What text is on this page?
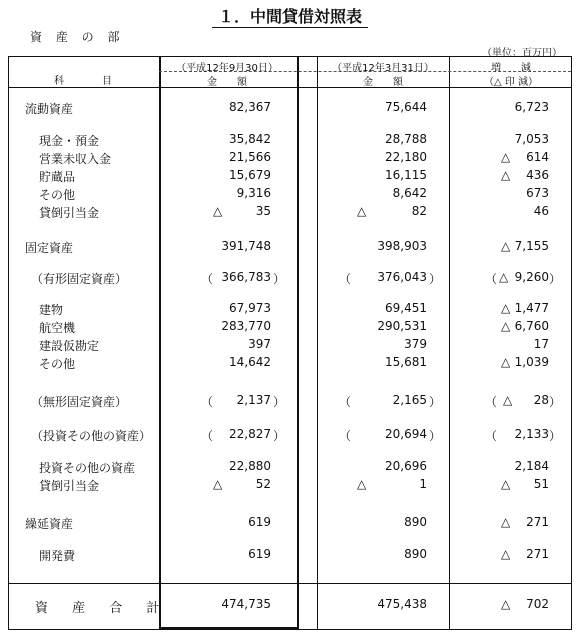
１．中間貸借対照表
資 産 の 部
（単位：百万円）
科　　　目
（平成12年9月30日）
金　　額
（平成12年3月31日）
金　　額
増　　減
（△ 印 減）
流動資産	82,367	75,644	6,723
現金・預金	35,842	28,788	7,053
営業未収入金	21,566	22,180	△	614
貯蔵品	15,679	16,115	△	436
その他	9,316	8,642	673
貸倒引当金	△	35	△	82	46
固定資産	391,748	398,903	△ 7,155
（有形固定資産）	（ 366,783 ）	（	376,043 ）	（ △ 9,260 ）
建物	67,973	69,451	△ 1,477
航空機	283,770	290,531	△ 6,760
建設仮勘定	397	379	17
その他	14,642	15,681	△ 1,039
（無形固定資産）	（	2,137 ）	（	2,165 ）	（ △	28 ）
（投資その他の資産）	（	22,827 ）	（	20,694 ）	（	2,133 ）
投資その他の資産	22,880	20,696	2,184
貸倒引当金	△	52	△	1	△	51
繰延資産	619	890	△	271
開発費	619	890	△	271
資 産 合 計	474,735	475,438	△	702
